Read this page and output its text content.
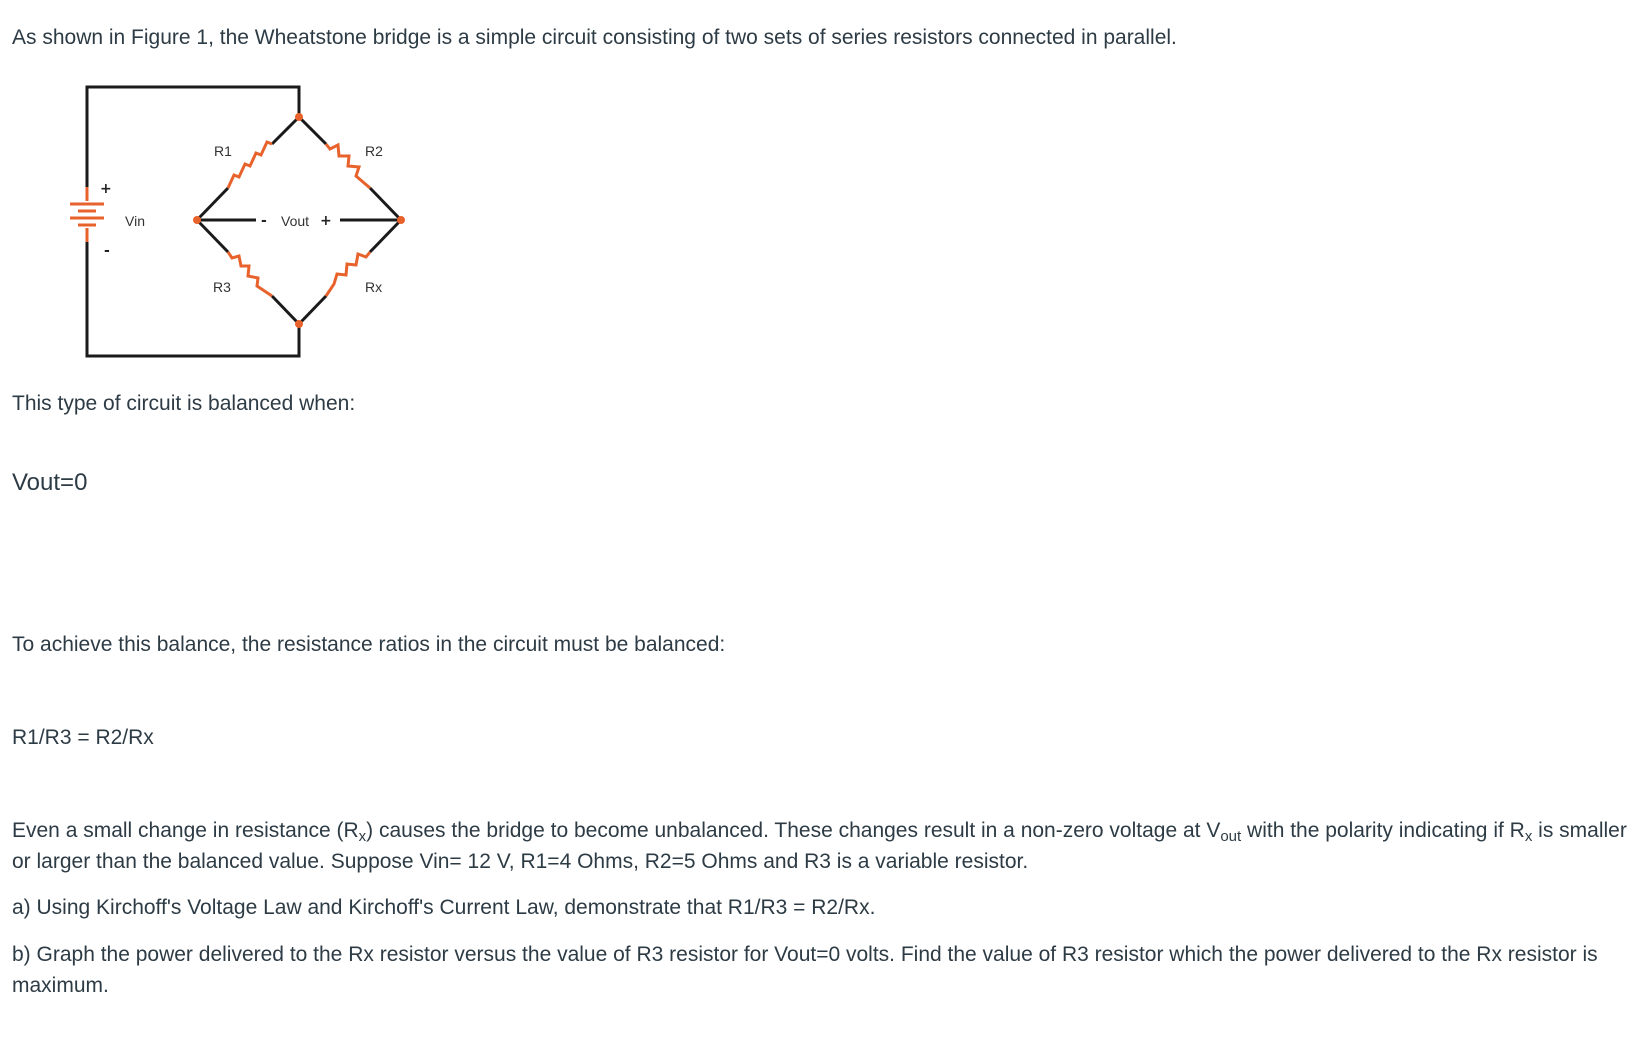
As shown in Figure 1, the Wheatstone bridge is a simple circuit consisting of two sets of series resistors connected in parallel.

+
-
Vin
R1	R2
R3	Rx
- Vout +

This type of circuit is balanced when:

Vout=0

To achieve this balance, the resistance ratios in the circuit must be balanced:

R1/R3 = R2/Rx

Even a small change in resistance $(R_x)$ causes the bridge to become unbalanced. These changes result in a non-zero voltage at $V_{out}$ with the polarity indicating if $R_x$ is smaller or larger than the balanced value. Suppose Vin= 12 V, R1=4 Ohms, R2=5 Ohms and R3 is a variable resistor.

a) Using Kirchoff's Voltage Law and Kirchoff's Current Law, demonstrate that R1/R3 = R2/Rx.

b) Graph the power delivered to the Rx resistor versus the value of R3 resistor for Vout=0 volts. Find the value of R3 resistor which the power delivered to the Rx resistor is maximum.
